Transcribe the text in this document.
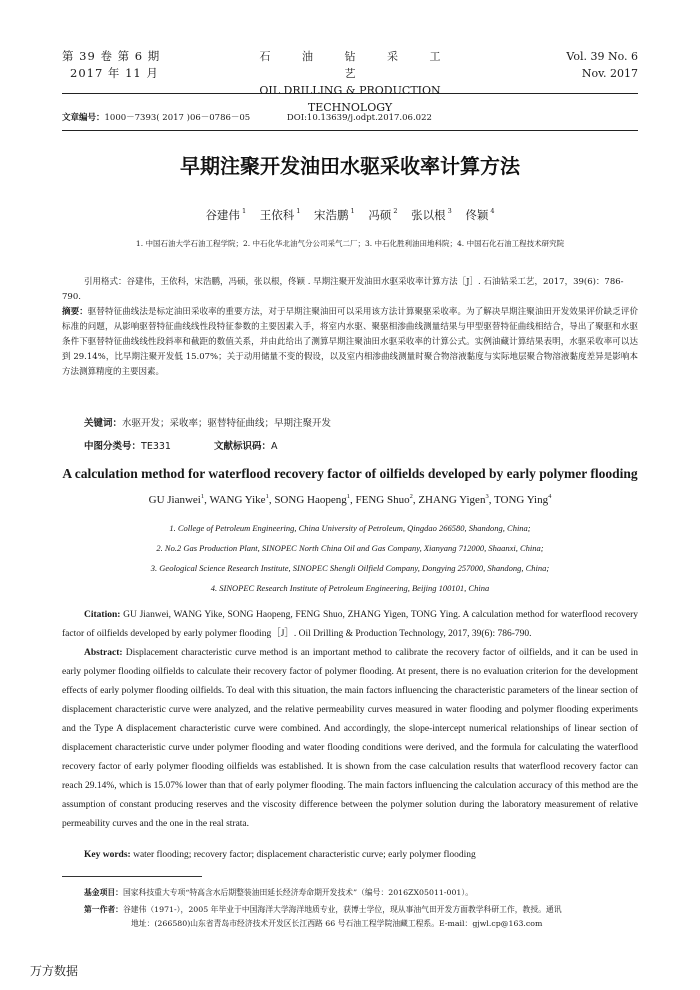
第 39 卷 第 6 期
2017 年 11 月
石 油 钻 采 工 艺
OIL DRILLING & PRODUCTION TECHNOLOGY
Vol. 39 No. 6
Nov. 2017
文章编号：1000－7393( 2017 )06－0786－05	DOI:10.13639/j.odpt.2017.06.022
早期注聚开发油田水驱采收率计算方法
谷建伟 $^1$ 王依科 $^1$ 宋浩鹏 $^1$ 冯硕 $^2$ 张以根 $^3$ 佟颖 $^4$
1. 中国石油大学石油工程学院；2. 中石化华北油气分公司采气二厂；3. 中石化胜利油田地科院；4. 中国石化石油工程技术研究院
引用格式：谷建伟，王依科，宋浩鹏，冯硕，张以根，佟颖 . 早期注聚开发油田水驱采收率计算方法［J］. 石油钻采工艺，2017，39(6)：786-790.
摘要：驱替特征曲线法是标定油田采收率的重要方法，对于早期注聚油田可以采用该方法计算聚驱采收率。为了解决早期注聚油田开发效果评价缺乏评价标准的问题，从影响驱替特征曲线线性段特征参数的主要因素入手，将室内水驱、聚驱相渗曲线测量结果与甲型驱替特征曲线相结合，导出了聚驱和水驱条件下驱替特征曲线线性段斜率和截距的数值关系，并由此给出了测算早期注聚油田水驱采收率的计算公式。实例油藏计算结果表明，水驱采收率可以达到 29.14%，比早期注聚开发低 15.07%；关于动用储量不变的假设，以及室内相渗曲线测量时聚合物溶液黏度与实际地层聚合物溶液黏度差异是影响本方法测算精度的主要因素。
关键词：水驱开发；采收率；驱替特征曲线；早期注聚开发
中图分类号：TE331	文献标识码：A
A calculation method for waterflood recovery factor of oilfields developed by early polymer flooding
GU Jianwei$^1$, WANG Yike$^1$, SONG Haopeng$^1$, FENG Shuo$^2$, ZHANG Yigen$^3$, TONG Ying$^4$
1. College of Petroleum Engineering, China University of Petroleum, Qingdao 266580, Shandong, China;
2. No.2 Gas Production Plant, SINOPEC North China Oil and Gas Company, Xianyang 712000, Shaanxi, China;
3. Geological Science Research Institute, SINOPEC Shengli Oilfield Company, Dongying 257000, Shandong, China;
4. SINOPEC Research Institute of Petroleum Engineering, Beijing 100101, China
Citation: GU Jianwei, WANG Yike, SONG Haopeng, FENG Shuo, ZHANG Yigen, TONG Ying. A calculation method for waterflood recovery factor of oilfields developed by early polymer flooding［J］. Oil Drilling & Production Technology, 2017, 39(6): 786-790.
Abstract: Displacement characteristic curve method is an important method to calibrate the recovery factor of oilfields, and it can be used in early polymer flooding oilfields to calculate their recovery factor of polymer flooding. At present, there is no evaluation criterion for the development effects of early polymer flooding oilfields. To deal with this situation, the main factors influencing the characteristic parameters of the linear section of displacement characteristic curve were analyzed, and the relative permeability curves measured in water flooding and polymer flooding experiments and the Type A displacement characteristic curve were combined. And accordingly, the slope-intercept numerical relationships of linear section of displacement characteristic curve under polymer flooding and water flooding conditions were derived, and the formula for calculating the waterflood recovery factor of early polymer flooding oilfields was established. It is shown from the case calculation results that waterflood recovery factor can reach 29.14%, which is 15.07% lower than that of early polymer flooding. The main factors influencing the calculation accuracy of this method are the assumption of constant producing reserves and the viscosity difference between the polymer solution during the laboratory measurement of relative permeability curves and the one in the real strata.
Key words: water flooding; recovery factor; displacement characteristic curve; early polymer flooding
基金项目：国家科技重大专项“特高含水后期整装油田延长经济寿命期开发技术”（编号：2016ZX05011-001）。
第一作者：谷建伟（1971-），2005 年毕业于中国海洋大学海洋地质专业，获博士学位，现从事油气田开发方面教学科研工作，教授。通讯
地址：(266580)山东省青岛市经济技术开发区长江西路 66 号石油工程学院油藏工程系。E-mail：gjwl.cp@163.com
万方数据
